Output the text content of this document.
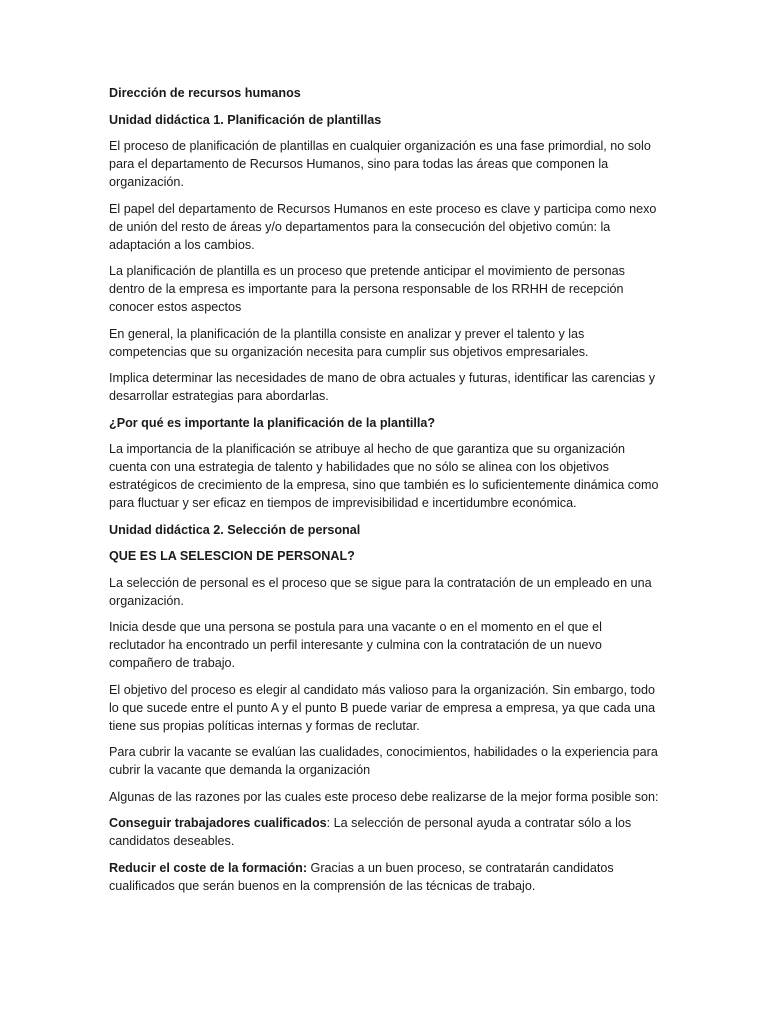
Dirección de recursos humanos

Unidad didáctica 1. Planificación de plantillas

El proceso de planificación de plantillas en cualquier organización es una fase primordial, no solo para el departamento de Recursos Humanos, sino para todas las áreas que componen la organización.

El papel del departamento de Recursos Humanos en este proceso es clave y participa como nexo de unión del resto de áreas y/o departamentos para la consecución del objetivo común: la adaptación a los cambios.

La planificación de plantilla es un proceso que pretende anticipar el movimiento de personas dentro de la empresa es importante para la persona responsable de los RRHH de recepción conocer estos aspectos

En general, la planificación de la plantilla consiste en analizar y prever el talento y las competencias que su organización necesita para cumplir sus objetivos empresariales.

Implica determinar las necesidades de mano de obra actuales y futuras, identificar las carencias y desarrollar estrategias para abordarlas.

¿Por qué es importante la planificación de la plantilla?

La importancia de la planificación se atribuye al hecho de que garantiza que su organización cuenta con una estrategia de talento y habilidades que no sólo se alinea con los objetivos estratégicos de crecimiento de la empresa, sino que también es lo suficientemente dinámica como para fluctuar y ser eficaz en tiempos de imprevisibilidad e incertidumbre económica.

Unidad didáctica 2. Selección de personal

QUE ES LA SELESCION DE PERSONAL?

La selección de personal es el proceso que se sigue para la contratación de un empleado en una organización.

Inicia desde que una persona se postula para una vacante o en el momento en el que el reclutador ha encontrado un perfil interesante y culmina con la contratación de un nuevo compañero de trabajo.

El objetivo del proceso es elegir al candidato más valioso para la organización. Sin embargo, todo lo que sucede entre el punto A y el punto B puede variar de empresa a empresa, ya que cada una tiene sus propias políticas internas y formas de reclutar.

Para cubrir la vacante se evalúan las cualidades, conocimientos, habilidades o la experiencia para cubrir la vacante que demanda la organización

Algunas de las razones por las cuales este proceso debe realizarse de la mejor forma posible son:

Conseguir trabajadores cualificados: La selección de personal ayuda a contratar sólo a los candidatos deseables.

Reducir el coste de la formación: Gracias a un buen proceso, se contratarán candidatos cualificados que serán buenos en la comprensión de las técnicas de trabajo.
